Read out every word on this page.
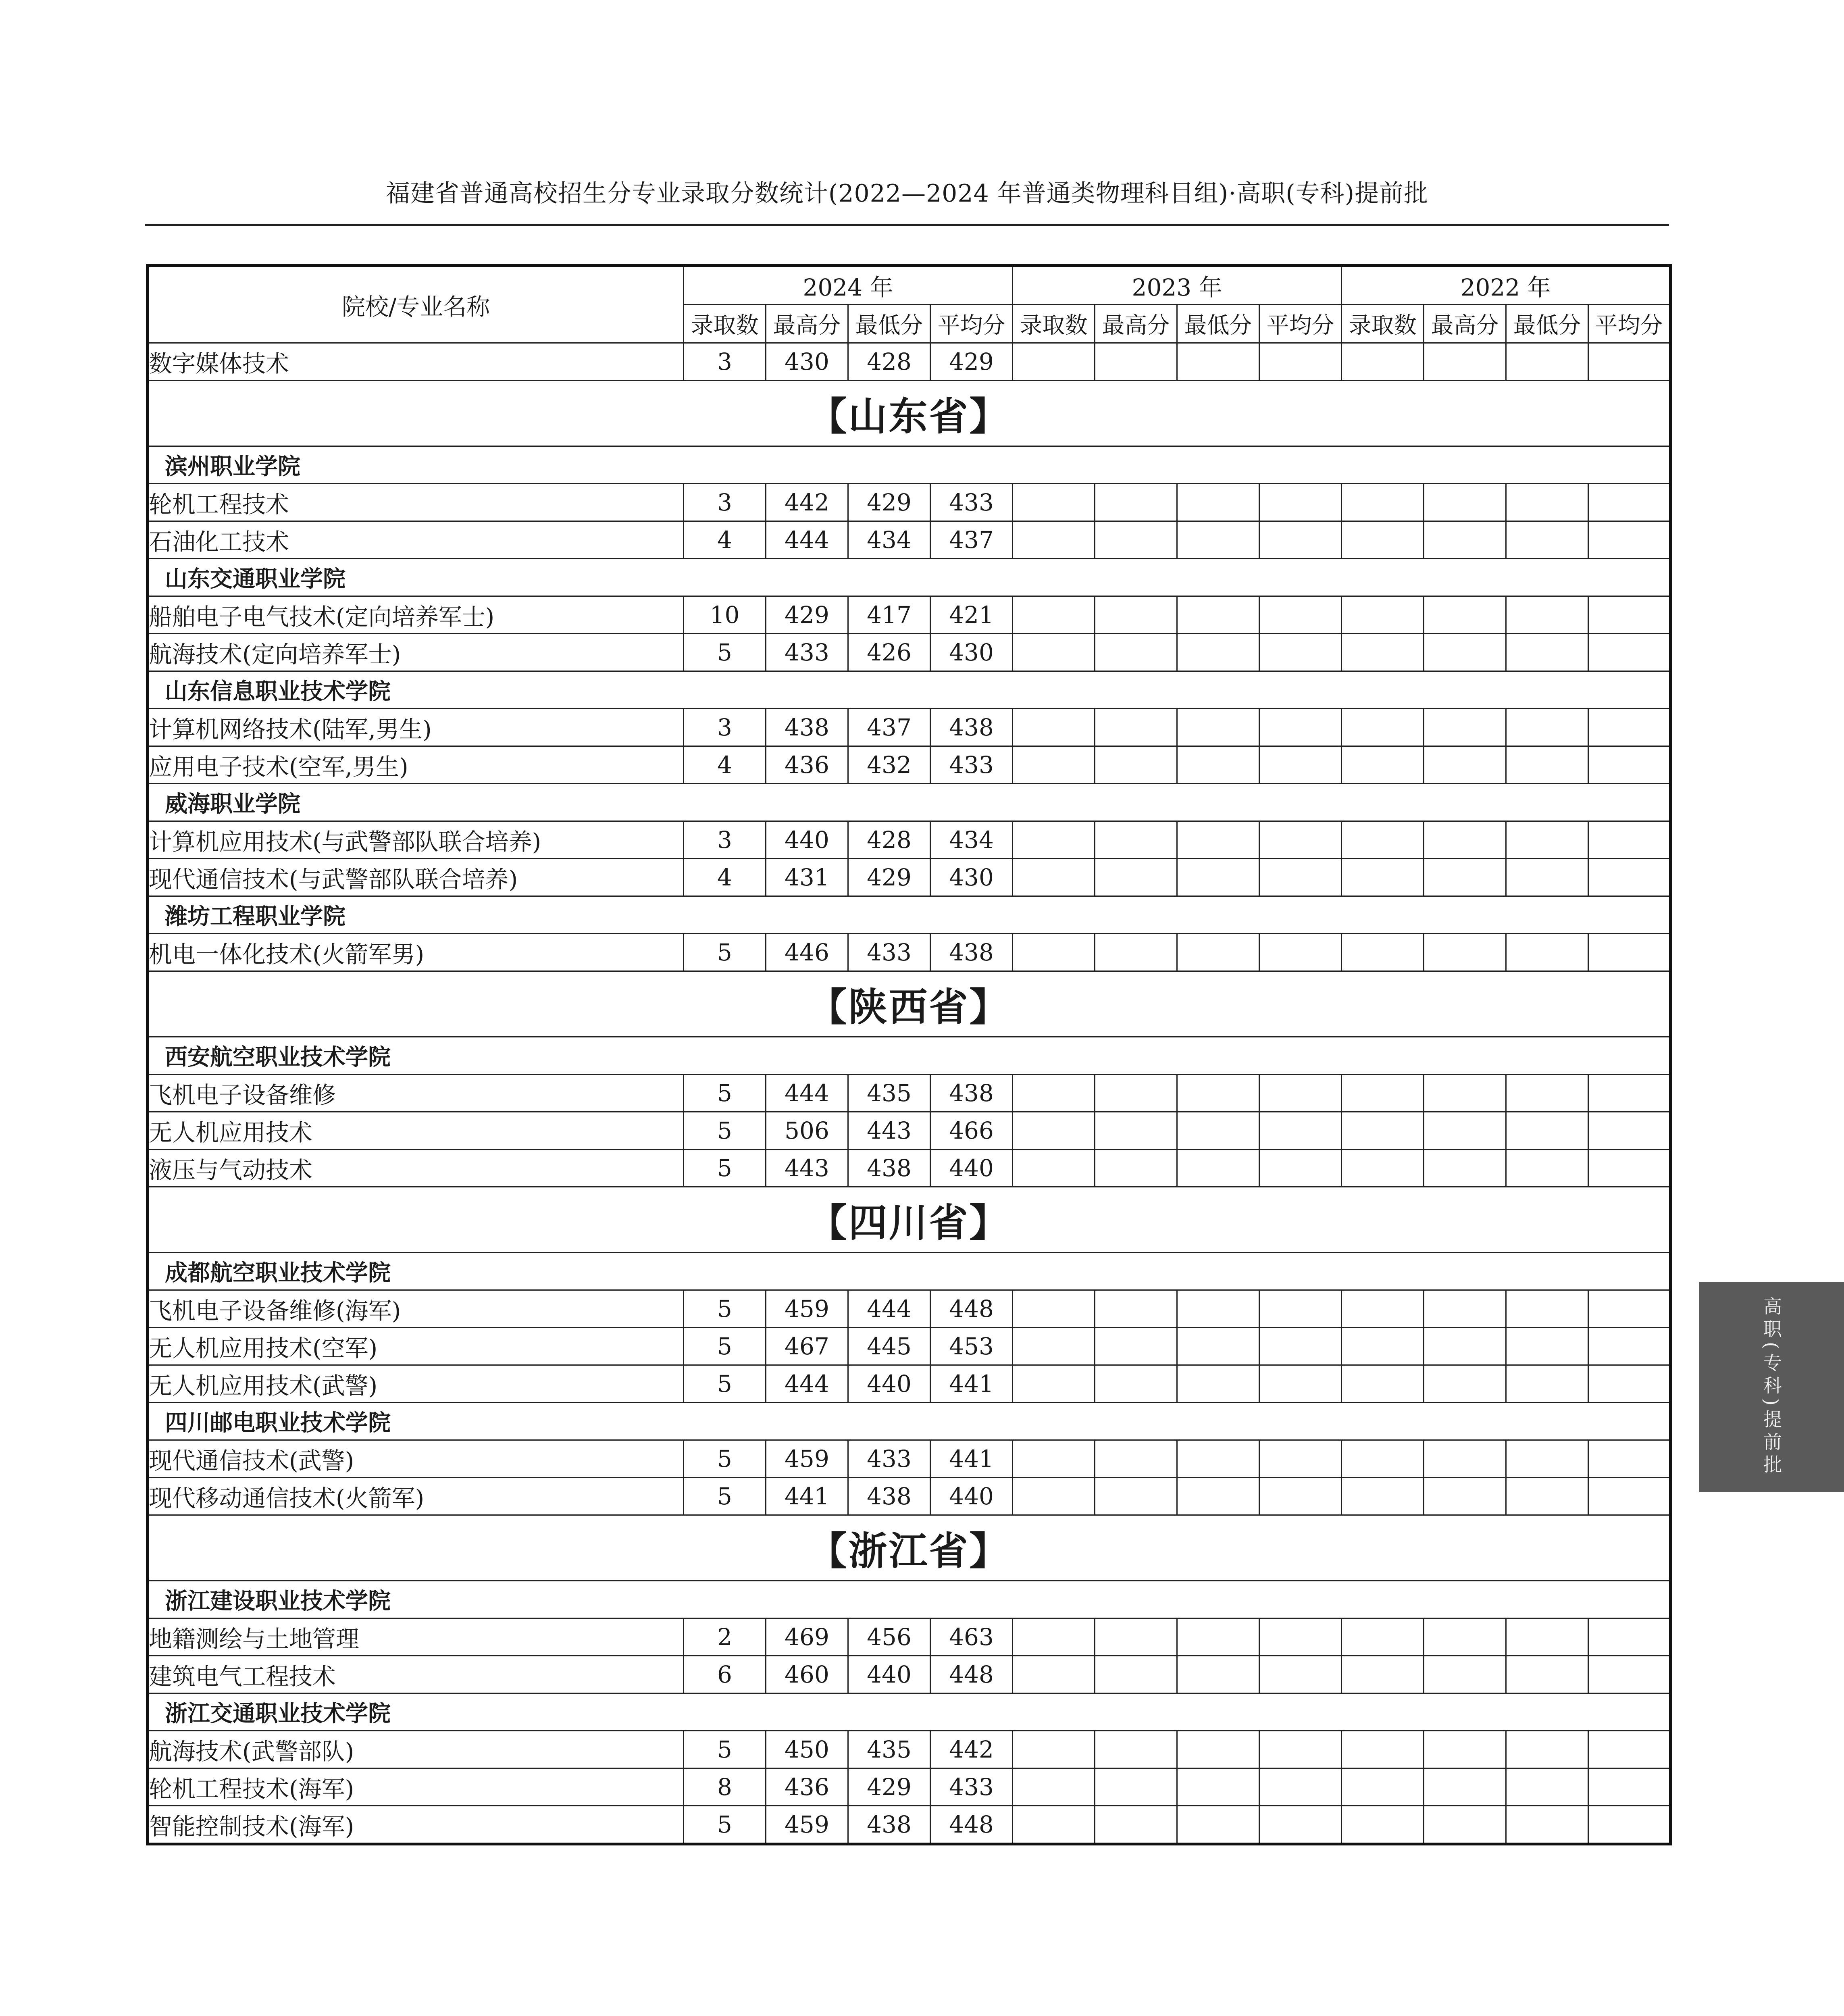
福建省普通高校招生分专业录取分数统计(2022—2024 年普通类物理科目组)·高职(专科)提前批
院校/专业名称	2024 年				2023 年				2022 年			
	录取数	最高分	最低分	平均分	录取数	最高分	最低分	平均分	录取数	最高分	最低分	平均分
数字媒体技术	3	430	428	429								
【山东省】												
滨州职业学院												
轮机工程技术	3	442	429	433								
石油化工技术	4	444	434	437								
山东交通职业学院												
船舶电子电气技术(定向培养军士)	10	429	417	421								
航海技术(定向培养军士)	5	433	426	430								
山东信息职业技术学院												
计算机网络技术(陆军,男生)	3	438	437	438								
应用电子技术(空军,男生)	4	436	432	433								
威海职业学院												
计算机应用技术(与武警部队联合培养)	3	440	428	434								
现代通信技术(与武警部队联合培养)	4	431	429	430								
潍坊工程职业学院												
机电一体化技术(火箭军男)	5	446	433	438								
【陕西省】												
西安航空职业技术学院												
飞机电子设备维修	5	444	435	438								
无人机应用技术	5	506	443	466								
液压与气动技术	5	443	438	440								
【四川省】												
成都航空职业技术学院												
飞机电子设备维修(海军)	5	459	444	448								
无人机应用技术(空军)	5	467	445	453								
无人机应用技术(武警)	5	444	440	441								
四川邮电职业技术学院												
现代通信技术(武警)	5	459	433	441								
现代移动通信技术(火箭军)	5	441	438	440								
【浙江省】												
浙江建设职业技术学院												
地籍测绘与土地管理	2	469	456	463								
建筑电气工程技术	6	460	440	448								
浙江交通职业技术学院												
航海技术(武警部队)	5	450	435	442								
轮机工程技术(海军)	8	436	429	433								
智能控制技术(海军)	5	459	438	448								
高职(专科)提前批
